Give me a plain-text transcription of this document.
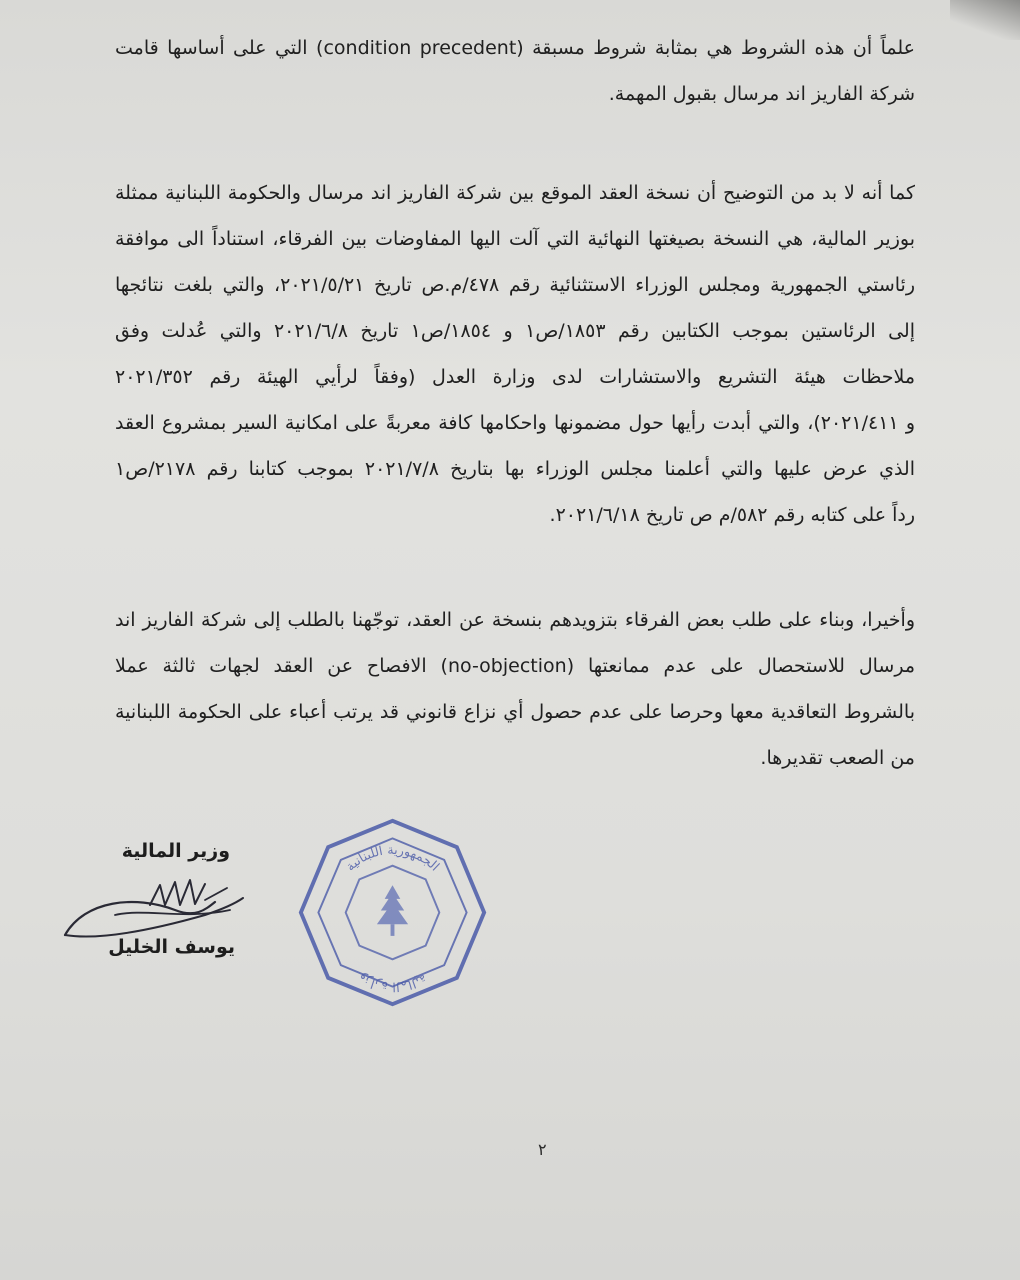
علماً أن هذه الشروط هي بمثابة شروط مسبقة (condition precedent) التي على أساسها قامت
شركة الفاريز اند مرسال بقبول المهمة.
كما أنه لا بد من التوضيح أن نسخة العقد الموقع بين شركة الفاريز اند مرسال والحكومة اللبنانية ممثلة
بوزير المالية، هي النسخة بصيغتها النهائية التي آلت اليها المفاوضات بين الفرقاء، استناداً الى موافقة
رئاستي الجمهورية ومجلس الوزراء الاستثنائية رقم ٤٧٨/م.ص تاريخ ٢٠٢١/٥/٢١، والتي بلغت نتائجها
إلى الرئاستين بموجب الكتابين رقم ١٨٥٣/ص١ و ١٨٥٤/ص١ تاريخ ٢٠٢١/٦/٨ والتي عُدلت وفق
ملاحظات هيئة التشريع والاستشارات لدى وزارة العدل (وفقاً لرأيي الهيئة رقم ٢٠٢١/٣٥٢
و ٢٠٢١/٤١١)، والتي أبدت رأيها حول مضمونها واحكامها كافة معربةً على امكانية السير بمشروع العقد
الذي عرض عليها والتي أعلمنا مجلس الوزراء بها بتاريخ ٢٠٢١/٧/٨ بموجب كتابنا رقم ٢١٧٨/ص١
رداً على كتابه رقم ٥٨٢/م ص تاريخ ٢٠٢١/٦/١٨.
وأخيرا، وبناء على طلب بعض الفرقاء بتزويدهم بنسخة عن العقد، توجّهنا بالطلب إلى شركة الفاريز اند
مرسال للاستحصال على عدم ممانعتها (no-objection) الافصاح عن العقد لجهات ثالثة عملا
بالشروط التعاقدية معها وحرصا على عدم حصول أي نزاع قانوني قد يرتب أعباء على الحكومة اللبنانية
من الصعب تقديرها.
وزير المالية
يوسف الخليل
الجمهورية اللبنانية
وزارة المالية
٢
